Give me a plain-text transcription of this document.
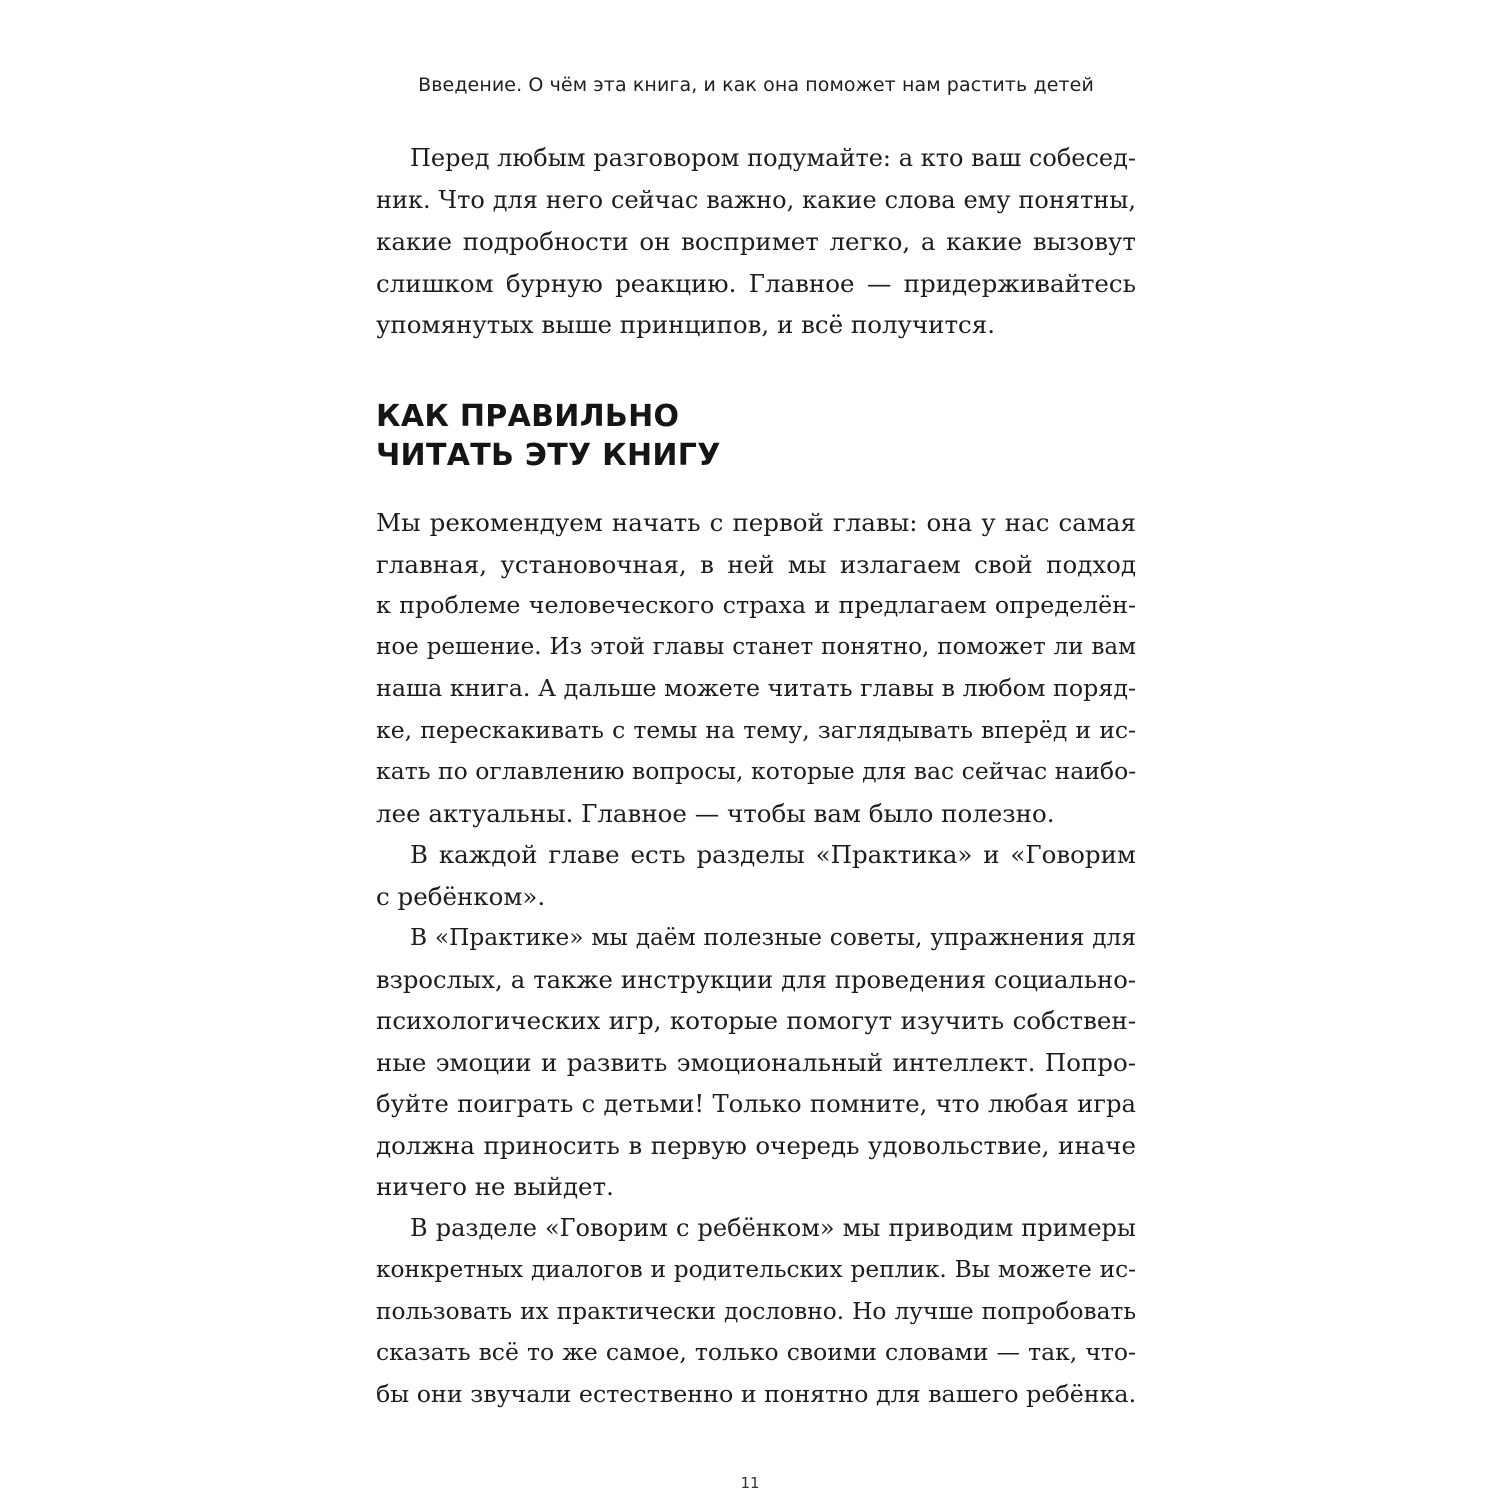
Введение. О чём эта книга, и как она поможет нам растить детей
Перед любым разговором подумайте: а кто ваш собесед-
ник. Что для него сейчас важно, какие слова ему понятны,
какие подробности он воспримет легко, а какие вызовут
слишком бурную реакцию. Главное — придерживайтесь
упомянутых выше принципов, и всё получится.
КАК ПРАВИЛЬНО
ЧИТАТЬ ЭТУ КНИГУ
Мы рекомендуем начать с первой главы: она у нас самая
главная, установочная, в ней мы излагаем свой подход
к проблеме человеческого страха и предлагаем определён-
ное решение. Из этой главы станет понятно, поможет ли вам
наша книга. А дальше можете читать главы в любом поряд-
ке, перескакивать с темы на тему, заглядывать вперёд и ис-
кать по оглавлению вопросы, которые для вас сейчас наибо-
лее актуальны. Главное — чтобы вам было полезно.
В каждой главе есть разделы «Практика» и «Говорим
с ребёнком».
В «Практике» мы даём полезные советы, упражнения для
взрослых, а также инструкции для проведения социально-
психологических игр, которые помогут изучить собствен-
ные эмоции и развить эмоциональный интеллект. Попро-
буйте поиграть с детьми! Только помните, что любая игра
должна приносить в первую очередь удовольствие, иначе
ничего не выйдет.
В разделе «Говорим с ребёнком» мы приводим примеры
конкретных диалогов и родительских реплик. Вы можете ис-
пользовать их практически дословно. Но лучше попробовать
сказать всё то же самое, только своими словами — так, что-
бы они звучали естественно и понятно для вашего ребёнка.
11
